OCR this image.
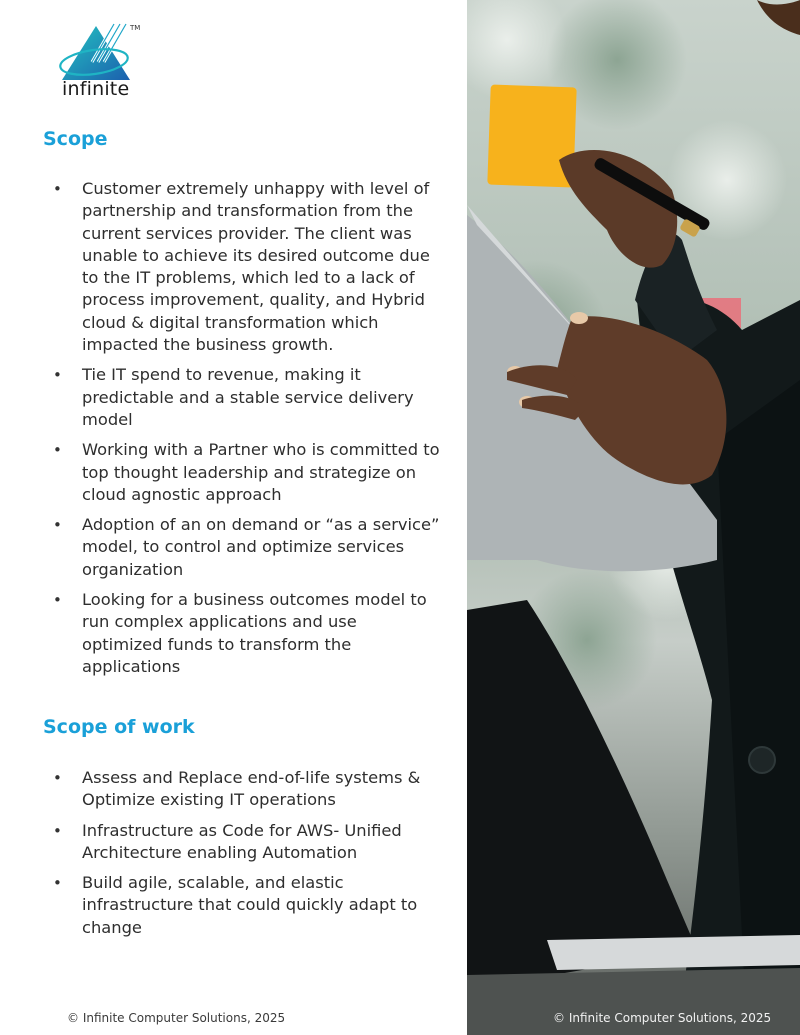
TM
infinite
Scope
• Customer extremely unhappy with level of partnership and transformation from the current services provider. The client was unable to achieve its desired outcome due to the IT problems, which led to a lack of process improvement, quality, and Hybrid cloud & digital transformation which impacted the business growth.
• Tie IT spend to revenue, making it predictable and a stable service delivery model
• Working with a Partner who is committed to top thought leadership and strategize on cloud agnostic approach
• Adoption of an on demand or “as a service” model, to control and optimize services organization
• Looking for a business outcomes model to run complex applications and use optimized funds to transform the applications
Scope of work
• Assess and Replace end-of-life systems & Optimize existing IT operations
• Infrastructure as Code for AWS- Unified Architecture enabling Automation
• Build agile, scalable, and elastic infrastructure that could quickly adapt to change
© Infinite Computer Solutions, 2025	© Infinite Computer Solutions, 2025
